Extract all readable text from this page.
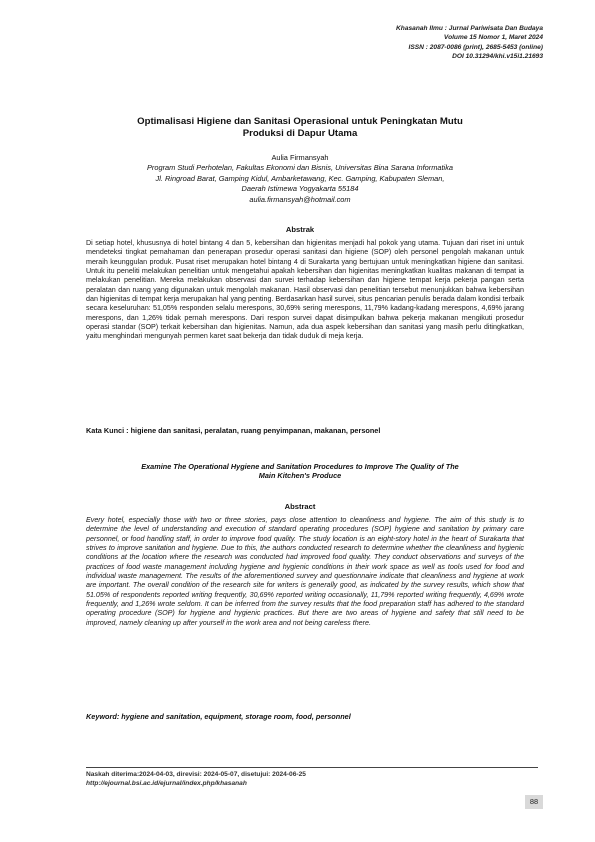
Khasanah Ilmu : Jurnal Pariwisata Dan Budaya
Volume 15 Nomor 1, Maret 2024
ISSN : 2087-0086 (print), 2685-5453 (online)
DOI 10.31294/khi.v15i1.21693
Optimalisasi Higiene dan Sanitasi Operasional untuk Peningkatan Mutu
Produksi di Dapur Utama
Aulia Firmansyah
Program Studi Perhotelan, Fakultas Ekonomi dan Bisnis, Universitas Bina Sarana Informatika
Jl. Ringroad Barat, Gamping Kidul, Ambarketawang, Kec. Gamping, Kabupaten Sleman,
Daerah Istimewa Yogyakarta 55184
aulia.firmansyah@hotmail.com
Abstrak

Di setiap hotel, khususnya di hotel bintang 4 dan 5, kebersihan dan higienitas menjadi hal pokok yang utama. Tujuan dari riset ini untuk mendeteksi tingkat pemahaman dan penerapan prosedur operasi sanitasi dan higiene (SOP) oleh personel pengolah makanan untuk meraih keunggulan produk. Pusat riset merupakan hotel bintang 4 di Surakarta yang bertujuan untuk meningkatkan higiene dan sanitasi. Untuk itu peneliti melakukan penelitian untuk mengetahui apakah kebersihan dan higienitas meningkatkan kualitas makanan di tempat ia melakukan penelitian. Mereka melakukan observasi dan survei terhadap kebersihan dan higiene tempat kerja pekerja pangan serta peralatan dan ruang yang digunakan untuk mengolah makanan. Hasil observasi dan penelitian tersebut menunjukkan bahwa kebersihan dan higienitas di tempat kerja merupakan hal yang penting. Berdasarkan hasil survei, situs pencarian penulis berada dalam kondisi terbaik secara keseluruhan: 51,05% responden selalu merespons, 30,69% sering merespons, 11,79% kadang-kadang merespons, 4,69% jarang merespons, dan 1,26% tidak pernah merespons. Dari respon survei dapat disimpulkan bahwa pekerja makanan mengikuti prosedur operasi standar (SOP) terkait kebersihan dan higienitas. Namun, ada dua aspek kebersihan dan sanitasi yang masih perlu ditingkatkan, yaitu menghindari mengunyah permen karet saat bekerja dan tidak duduk di meja kerja.

Kata Kunci : higiene dan sanitasi, peralatan, ruang penyimpanan, makanan, personel
Examine The Operational Hygiene and Sanitation Procedures to Improve The Quality of The
Main Kitchen's Produce
Abstract

Every hotel, especially those with two or three stories, pays close attention to cleanliness and hygiene. The aim of this study is to determine the level of understanding and execution of standard operating procedures (SOP) hygiene and sanitation by primary care personnel, or food handling staff, in order to improve food quality. The study location is an eight-story hotel in the heart of Surakarta that strives to improve sanitation and hygiene. Due to this, the authors conducted research to determine whether the cleanliness and hygienic conditions at the location where the research was conducted had improved food quality. They conduct observations and surveys of the practices of food waste management including hygiene and hygienic conditions in their work space as well as tools used for food and individual waste management. The results of the aforementioned survey and questionnaire indicate that cleanliness and hygiene at work are important. The overall condition of the research site for writers is generally good, as indicated by the survey results, which show that 51.05% of respondents reported writing frequently, 30,69% reported writing occasionally, 11,79% reported writing frequently, 4,69% wrote frequently, and 1,26% wrote seldom. It can be inferred from the survey results that the food preparation staff has adhered to the standard operating procedure (SOP) for hygiene and hygienic practices. But there are two areas of hygiene and safety that still need to be improved, namely cleaning up after yourself in the work area and not being careless there.

Keyword: hygiene and sanitation, equipment, storage room, food, personnel
Naskah diterima:2024-04-03, direvisi: 2024-05-07, disetujui: 2024-06-25
http://ejournal.bsi.ac.id/ejurnal/index.php/khasanah
88
